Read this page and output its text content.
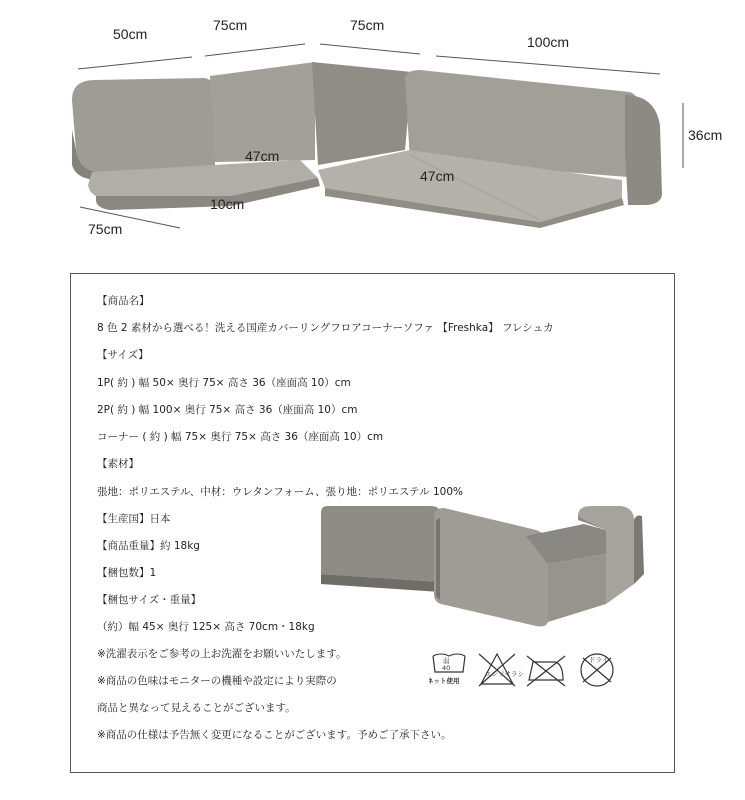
50cm
75cm	75cm
100cm
36cm
47cm
47cm
10cm
75cm
【商品名】
8 色 2 素材から選べる！洗える国産カバーリングフロアコーナーソファ 【Freshka】 フレシュカ
【サイズ】
1P( 約 ) 幅 50× 奥行 75× 高さ 36（座面高 10）cm
2P( 約 ) 幅 100× 奥行 75× 高さ 36（座面高 10）cm
コーナー ( 約 ) 幅 75× 奥行 75× 高さ 36（座面高 10）cm
【素材】
張地：ポリエステル、中材：ウレタンフォーム、張り地：ポリエステル 100%
【生産国】日本
【商品重量】約 18kg
【梱包数】1
【梱包サイズ・重量】
（約）幅 45× 奥行 125× 高さ 70cm・18kg
※洗濯表示をご参考の上お洗濯をお願いいたします。
※商品の色味はモニターの機種や設定により実際の
商品と異なって見えることがございます。
※商品の仕様は予告無く変更になることがございます。予めご了承下さい。
弱
40
ネット使用
エンソサラシ
ドライ
